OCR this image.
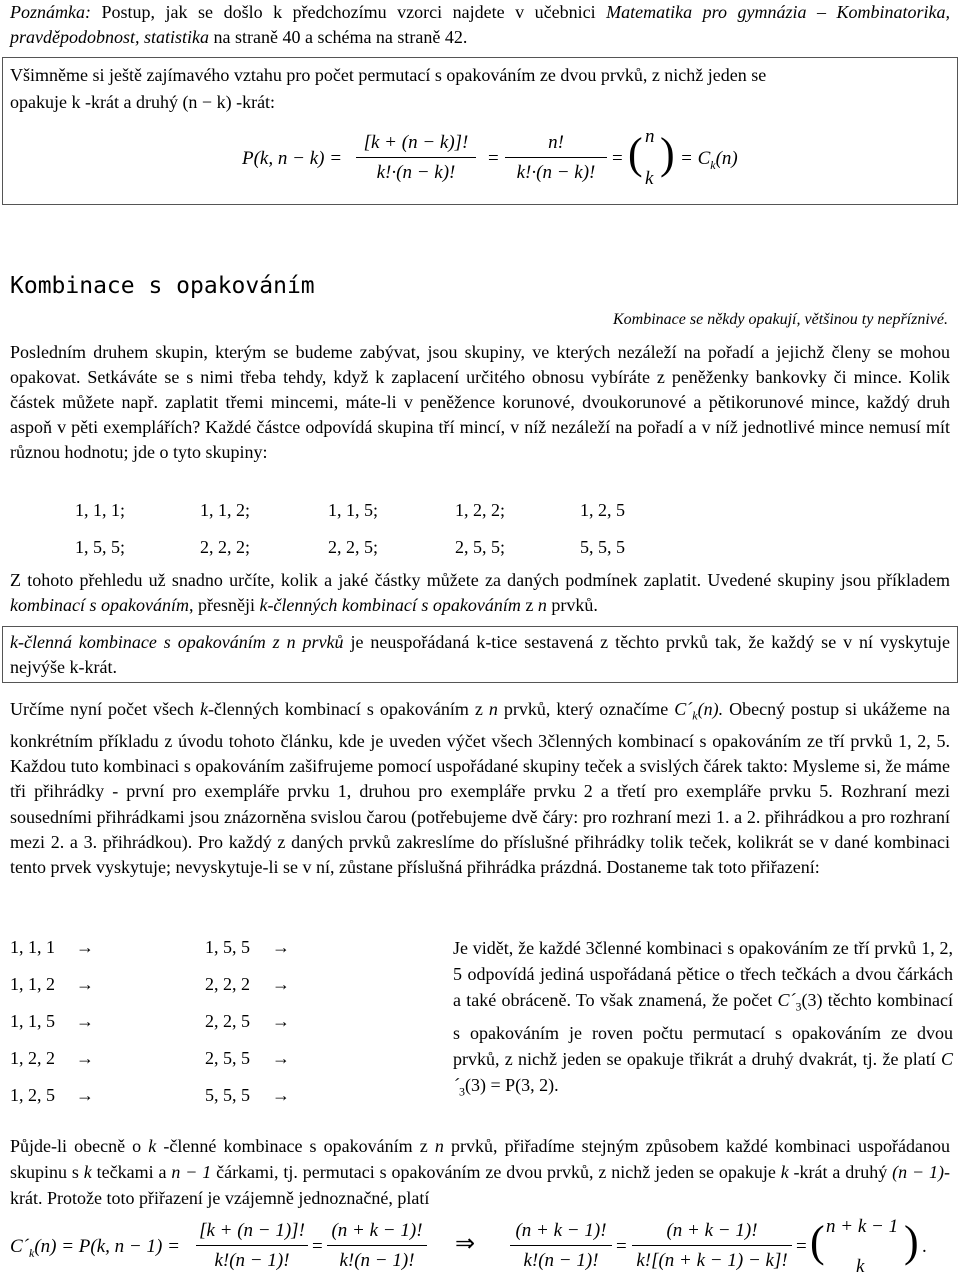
Poznámka: Postup, jak se došlo k předchozímu vzorci najdete v učebnici Matematika pro gymnázia – Kombinatorika, pravděpodobnost, statistika na straně 40 a schéma na straně 42.
Všimněme si ještě zajímavého vztahu pro počet permutací s opakováním ze dvou prvků, z nichž jeden se
opakuje k -krát a druhý (n − k) -krát:
P(k, n − k) =
[k + (n − k)]!
k!·(n − k)!
=
n!
k!·(n − k)!
= ( n
k
) = $C_k(n)$
Kombinace s opakováním
Kombinace se někdy opakují, většinou ty nepříznivé.
Posledním druhem skupin, kterým se budeme zabývat, jsou skupiny, ve kterých nezáleží na pořadí a jejichž členy se mohou opakovat. Setkáváte se s nimi třeba tehdy, když k zaplacení určitého obnosu vybíráte z peněženky bankovky či mince. Kolik částek můžete např. zaplatit třemi mincemi, máte-li v peněžence korunové, dvoukorunové a pětikorunové mince, každý druh aspoň v pěti exemplářích? Každé částce odpovídá skupina tří mincí, v níž nezáleží na pořadí a v níž jednotlivé mince nemusí mít různou hodnotu; jde o tyto skupiny:
1, 1, 1;	1, 1, 2;	1, 1, 5;	1, 2, 2;	1, 2, 5
1, 5, 5;	2, 2, 2;	2, 2, 5;	2, 5, 5;	5, 5, 5
Z tohoto přehledu už snadno určíte, kolik a jaké částky můžete za daných podmínek zaplatit. Uvedené skupiny jsou příkladem kombinací s opakováním, přesněji k-členných kombinací s opakováním z n prvků.
k-členná kombinace s opakováním z n prvků je neuspořádaná k-tice sestavená z těchto prvků tak, že každý se v ní vyskytuje nejvýše k-krát.
Určíme nyní počet všech k-členných kombinací s opakováním z n prvků, který označíme $C´_k(n)$. Obecný postup si ukážeme na konkrétním příkladu z úvodu tohoto článku, kde je uveden výčet všech 3členných kombinací s opakováním ze tří prvků 1, 2, 5. Každou tuto kombinaci s opakováním zašifrujeme pomocí uspořádané skupiny teček a svislých čárek takto: Mysleme si, že máme tři přihrádky - první pro exempláře prvku 1, druhou pro exempláře prvku 2 a třetí pro exempláře prvku 5. Rozhraní mezi sousedními přihrádkami jsou znázorněna svislou čarou (potřebujeme dvě čáry: pro rozhraní mezi 1. a 2. přihrádkou a pro rozhraní mezi 2. a 3. přihrádkou). Pro každý z daných prvků zakreslíme do příslušné přihrádky tolik teček, kolikrát se v dané kombinaci tento prvek vyskytuje; nevyskytuje-li se v ní, zůstane příslušná přihrádka prázdná. Dostaneme tak toto přiřazení:
1, 1, 1 →	1, 5, 5 →
1, 1, 2 →	2, 2, 2 →
1, 1, 5 →	2, 2, 5 →
1, 2, 2 →	2, 5, 5 →
1, 2, 5 →	5, 5, 5 →
Je vidět, že každé 3členné kombinaci s opakováním ze tří prvků 1, 2, 5 odpovídá jediná uspořádaná pětice o třech tečkách a dvou čárkách a také obráceně. To však znamená, že počet $C´_3(3)$ těchto kombinací s opakováním je roven počtu permutací s opakováním ze dvou prvků, z nichž jeden se opakuje třikrát a druhý dvakrát, tj. že platí $C´_3(3) = P(3$, 2).
Půjde-li obecně o k -členné kombinace s opakováním z n prvků, přiřadíme stejným způsobem každé kombinaci uspořádanou skupinu s k tečkami a n − 1 čárkami, tj. permutaci s opakováním ze dvou prvků, z nichž jeden se opakuje k -krát a druhý (n − 1)-krát. Protože toto přiřazení je vzájemně jednoznačné, platí
$C´_k(n) = P(k$, n − 1) =
[k + (n − 1)]!
k!(n − 1)!
=
(n + k − 1)!
k!(n − 1)!
⇒
(n + k − 1)!
k!(n − 1)!
=
(n + k − 1)!
k![(n + k − 1) − k]!
= ( n + k − 1
k
) .
